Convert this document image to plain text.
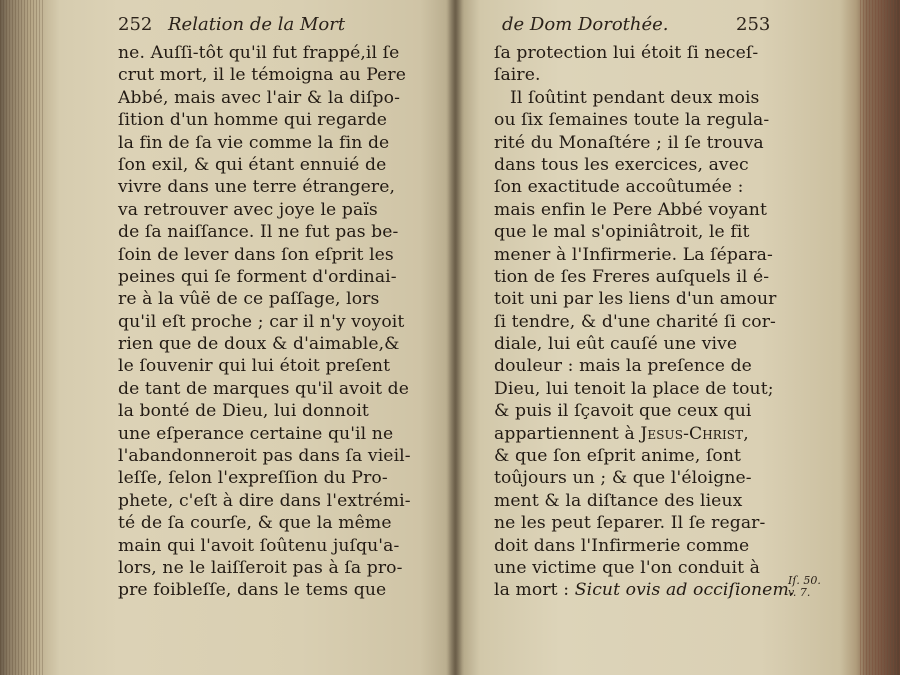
252 Relation de la Mort
ne. Auſſi-tôt qu'il fut frappé,il ſe
crut mort, il le témoigna au Pere
Abbé, mais avec l'air & la diſpo-
ſition d'un homme qui regarde
la fin de ſa vie comme la fin de
ſon exil, & qui étant ennuié de
vivre dans une terre étrangere,
va retrouver avec joye le païs
de ſa naiſſance. Il ne fut pas be-
ſoin de lever dans ſon eſprit les
peines qui ſe forment d'ordinai-
re à la vûë de ce paſſage, lors
qu'il eſt proche ; car il n'y voyoit
rien que de doux & d'aimable,&
le ſouvenir qui lui étoit preſent
de tant de marques qu'il avoit de
la bonté de Dieu, lui donnoit
une eſperance certaine qu'il ne
l'abandonneroit pas dans ſa vieil-
leſſe, ſelon l'expreſſion du Pro-
phete, c'eſt à dire dans l'extrémi-
té de ſa courſe, & que la même
main qui l'avoit ſoûtenu juſqu'a-
lors, ne le laiſſeroit pas à ſa pro-
pre foibleſſe, dans le tems que
de Dom Dorothée.	253
ſa protection lui étoit ſi neceſ-
ſaire.
Il ſoûtint pendant deux mois
ou ſix ſemaines toute la regula-
rité du Monaſtére ; il ſe trouva
dans tous les exercices, avec
ſon exactitude accoûtumée :
mais enfin le Pere Abbé voyant
que le mal s'opiniâtroit, le fit
mener à l'Infirmerie. La ſépara-
tion de ſes Freres auſquels il é-
toit uni par les liens d'un amour
ſi tendre, & d'une charité ſi cor-
diale, lui eût cauſé une vive
douleur : mais la preſence de
Dieu, lui tenoit la place de tout;
& puis il ſçavoit que ceux qui
appartiennent à Jesus-Christ,
& que ſon eſprit anime, ſont
toûjours un ; & que l'éloigne-
ment & la diſtance des lieux
ne les peut ſeparer. Il ſe regar-
doit dans l'Infirmerie comme
une victime que l'on conduit à
la mort : Sicut ovis ad occiſionem.
Iſ. 50.
v. 7.
